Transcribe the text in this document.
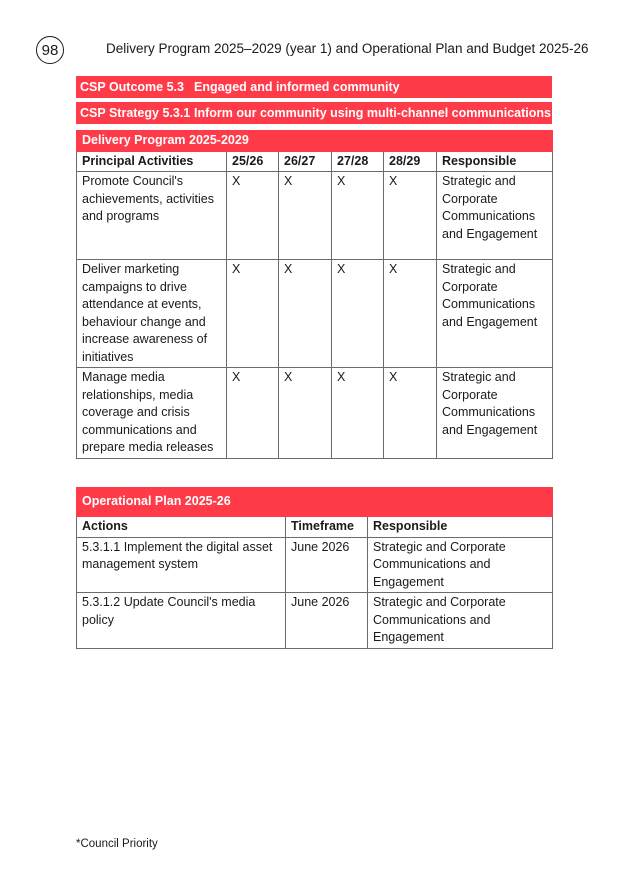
98	Delivery Program 2025–2029 (year 1) and Operational Plan and Budget 2025-26
CSP Outcome 5.3 Engaged and informed community
CSP Strategy 5.3.1 Inform our community using multi-channel communications
Delivery Program 2025-2029					
Principal Activities	25/26	26/27	27/28	28/29	Responsible
Promote Council's achievements, activities and programs	X	X	X	X	Strategic and Corporate Communications and Engagement
Deliver marketing campaigns to drive attendance at events, behaviour change and increase awareness of initiatives	X	X	X	X	Strategic and Corporate Communications and Engagement
Manage media relationships, media coverage and crisis communications and prepare media releases	X	X	X	X	Strategic and Corporate Communications and Engagement
Operational Plan 2025-26		
Actions	Timeframe	Responsible
5.3.1.1 Implement the digital asset management system	June 2026	Strategic and Corporate Communications and Engagement
5.3.1.2 Update Council's media policy	June 2026	Strategic and Corporate Communications and Engagement
*Council Priority
